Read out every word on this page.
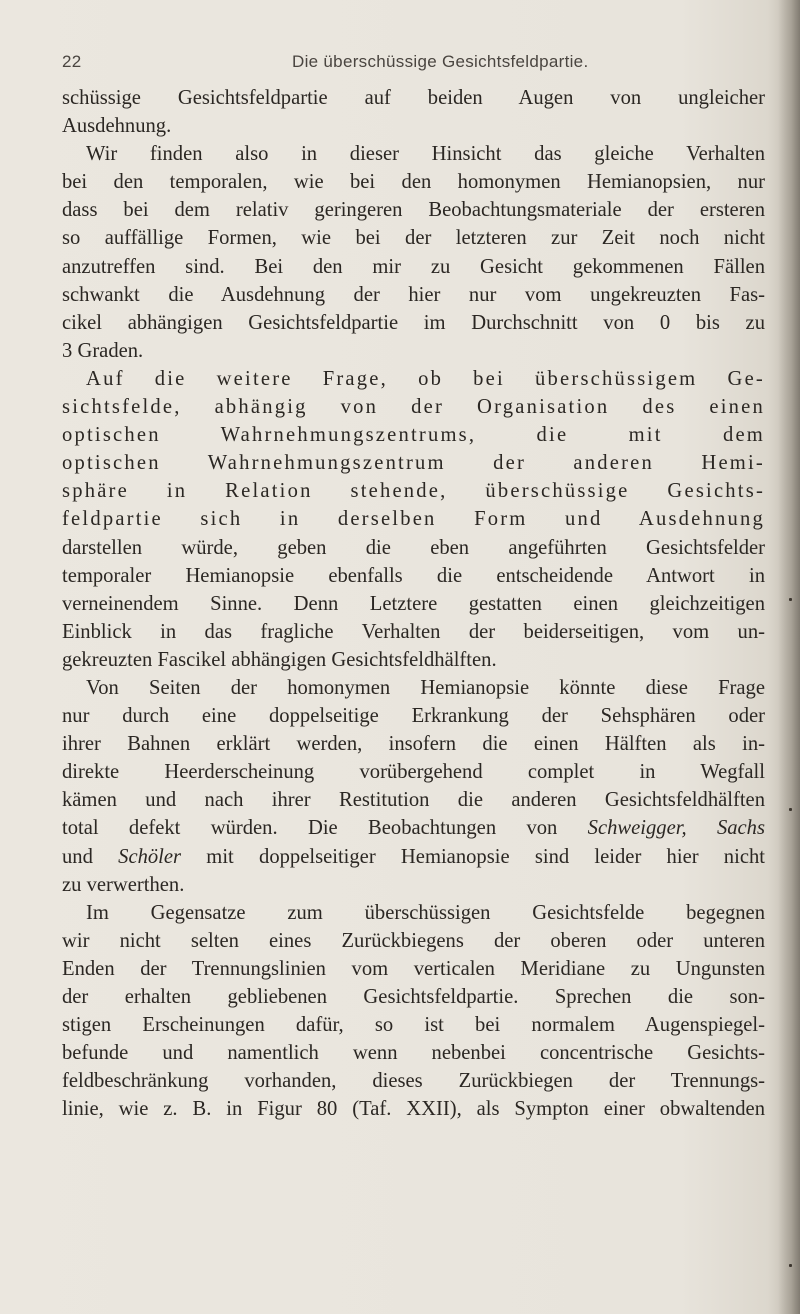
22	Die überschüssige Gesichtsfeldpartie.
schüssige Gesichtsfeldpartie auf beiden Augen von ungleicher
Ausdehnung.
Wir finden also in dieser Hinsicht das gleiche Verhalten
bei den temporalen, wie bei den homonymen Hemianopsien, nur
dass bei dem relativ geringeren Beobachtungsmateriale der ersteren
so auffällige Formen, wie bei der letzteren zur Zeit noch nicht
anzutreffen sind. Bei den mir zu Gesicht gekommenen Fällen
schwankt die Ausdehnung der hier nur vom ungekreuzten Fas-
cikel abhängigen Gesichtsfeldpartie im Durchschnitt von 0 bis zu
3 Graden.
Auf die weitere Frage, ob bei überschüssigem Ge-
sichtsfelde, abhängig von der Organisation des einen
optischen Wahrnehmungszentrums, die mit dem
optischen Wahrnehmungszentrum der anderen Hemi-
sphäre in Relation stehende, überschüssige Gesichts-
feldpartie sich in derselben Form und Ausdehnung
darstellen würde, geben die eben angeführten Gesichtsfelder
temporaler Hemianopsie ebenfalls die entscheidende Antwort in
verneinendem Sinne. Denn Letztere gestatten einen gleichzeitigen
Einblick in das fragliche Verhalten der beiderseitigen, vom un-
gekreuzten Fascikel abhängigen Gesichtsfeldhälften.
Von Seiten der homonymen Hemianopsie könnte diese Frage
nur durch eine doppelseitige Erkrankung der Sehsphären oder
ihrer Bahnen erklärt werden, insofern die einen Hälften als in-
direkte Heerderscheinung vorübergehend complet in Wegfall
kämen und nach ihrer Restitution die anderen Gesichtsfeldhälften
total defekt würden. Die Beobachtungen von Schweigger, Sachs
und Schöler mit doppelseitiger Hemianopsie sind leider hier nicht
zu verwerthen.
Im Gegensatze zum überschüssigen Gesichtsfelde begegnen
wir nicht selten eines Zurückbiegens der oberen oder unteren
Enden der Trennungslinien vom verticalen Meridiane zu Ungunsten
der erhalten gebliebenen Gesichtsfeldpartie. Sprechen die son-
stigen Erscheinungen dafür, so ist bei normalem Augenspiegel-
befunde und namentlich wenn nebenbei concentrische Gesichts-
feldbeschränkung vorhanden, dieses Zurückbiegen der Trennungs-
linie, wie z. B. in Figur 80 (Taf. XXII), als Sympton einer obwaltenden
